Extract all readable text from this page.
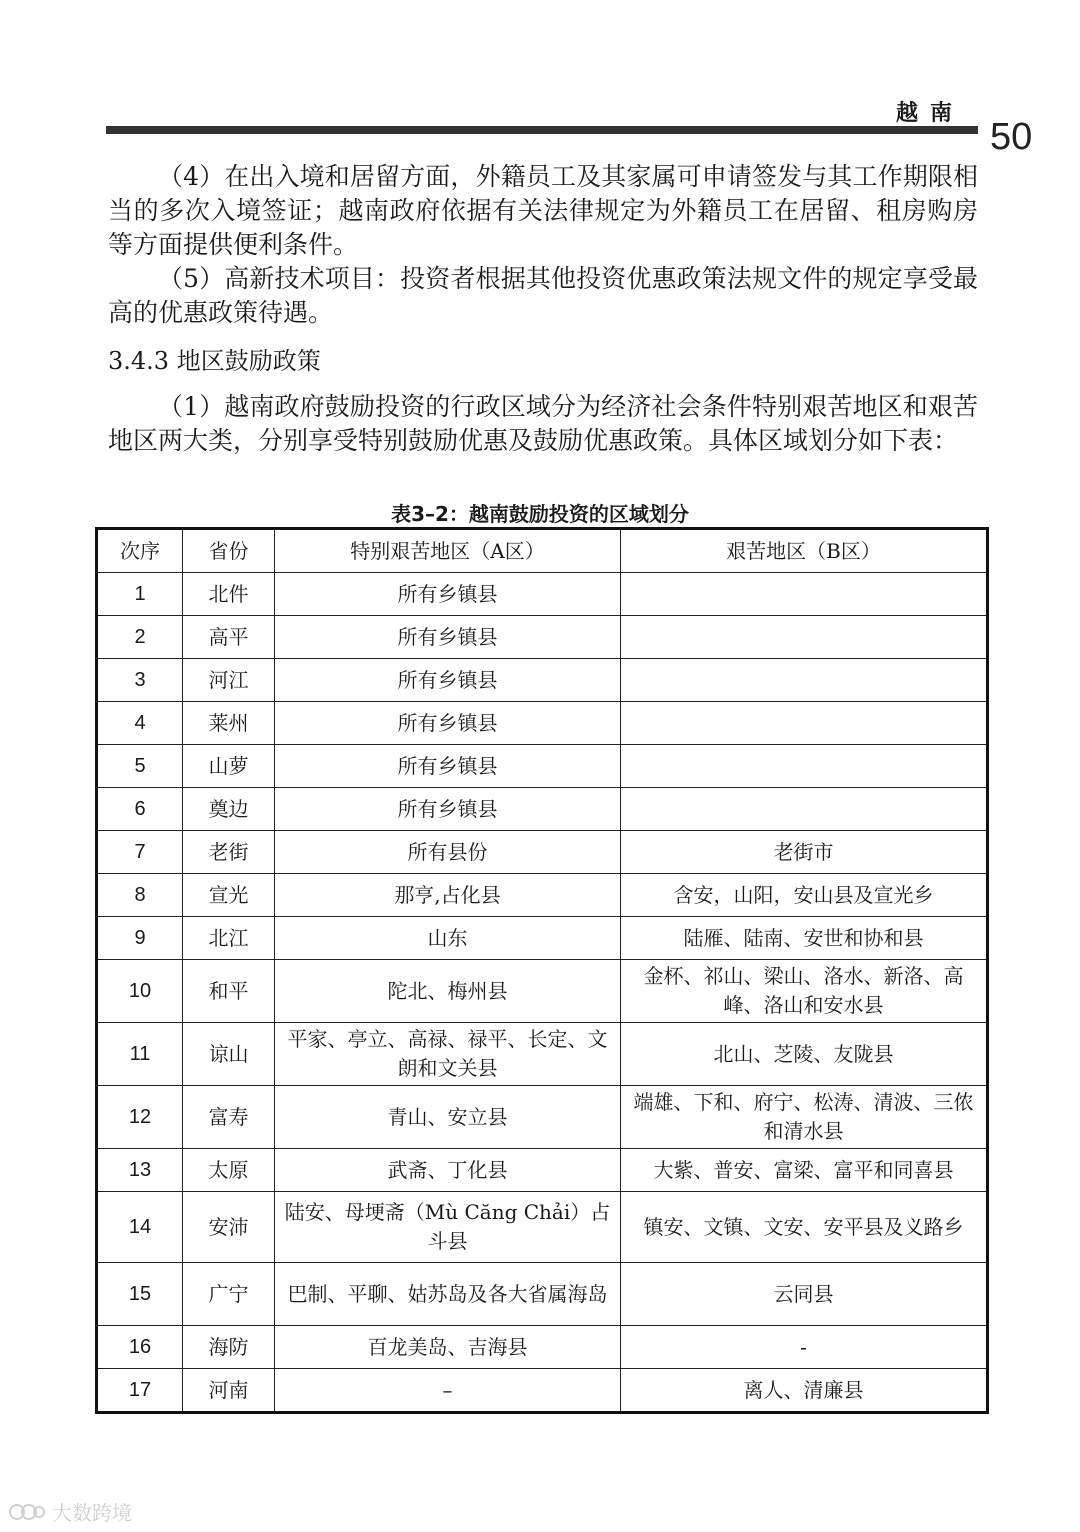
越南
50

（4）在出入境和居留方面，外籍员工及其家属可申请签发与其工作期限相当的多次入境签证；越南政府依据有关法律规定为外籍员工在居留、租房购房等方面提供便利条件。

（5）高新技术项目：投资者根据其他投资优惠政策法规文件的规定享受最高的优惠政策待遇。

3.4.3 地区鼓励政策

（1）越南政府鼓励投资的行政区域分为经济社会条件特别艰苦地区和艰苦地区两大类，分别享受特别鼓励优惠及鼓励优惠政策。具体区域划分如下表：

表3–2：越南鼓励投资的区域划分
次序	省份	特别艰苦地区（A区）	艰苦地区（B区）
1	北件	所有乡镇县	
2	高平	所有乡镇县	
3	河江	所有乡镇县	
4	莱州	所有乡镇县	
5	山萝	所有乡镇县	
6	奠边	所有乡镇县	
7	老街	所有县份	老街市
8	宣光	那亨,占化县	含安，山阳，安山县及宣光乡
9	北江	山东	陆雁、陆南、安世和协和县
10	和平	陀北、梅州县	金杯、祁山、梁山、洛水、新洛、高峰、洛山和安水县
11	谅山	平家、亭立、高禄、禄平、长定、文朗和文关县	北山、芝陵、友陇县
12	富寿	青山、安立县	端雄、下和、府宁、松涛、清波、三侬和清水县
13	太原	武斋、丁化县	大紫、普安、富梁、富平和同喜县
14	安沛	陆安、母埂斋（Mù Căng Chải）占斗县	镇安、文镇、文安、安平县及义路乡
15	广宁	巴制、平聊、姑苏岛及各大省属海岛	云同县
16	海防	百龙美岛、吉海县	-
17	河南	–	离人、清廉县
大数跨境
